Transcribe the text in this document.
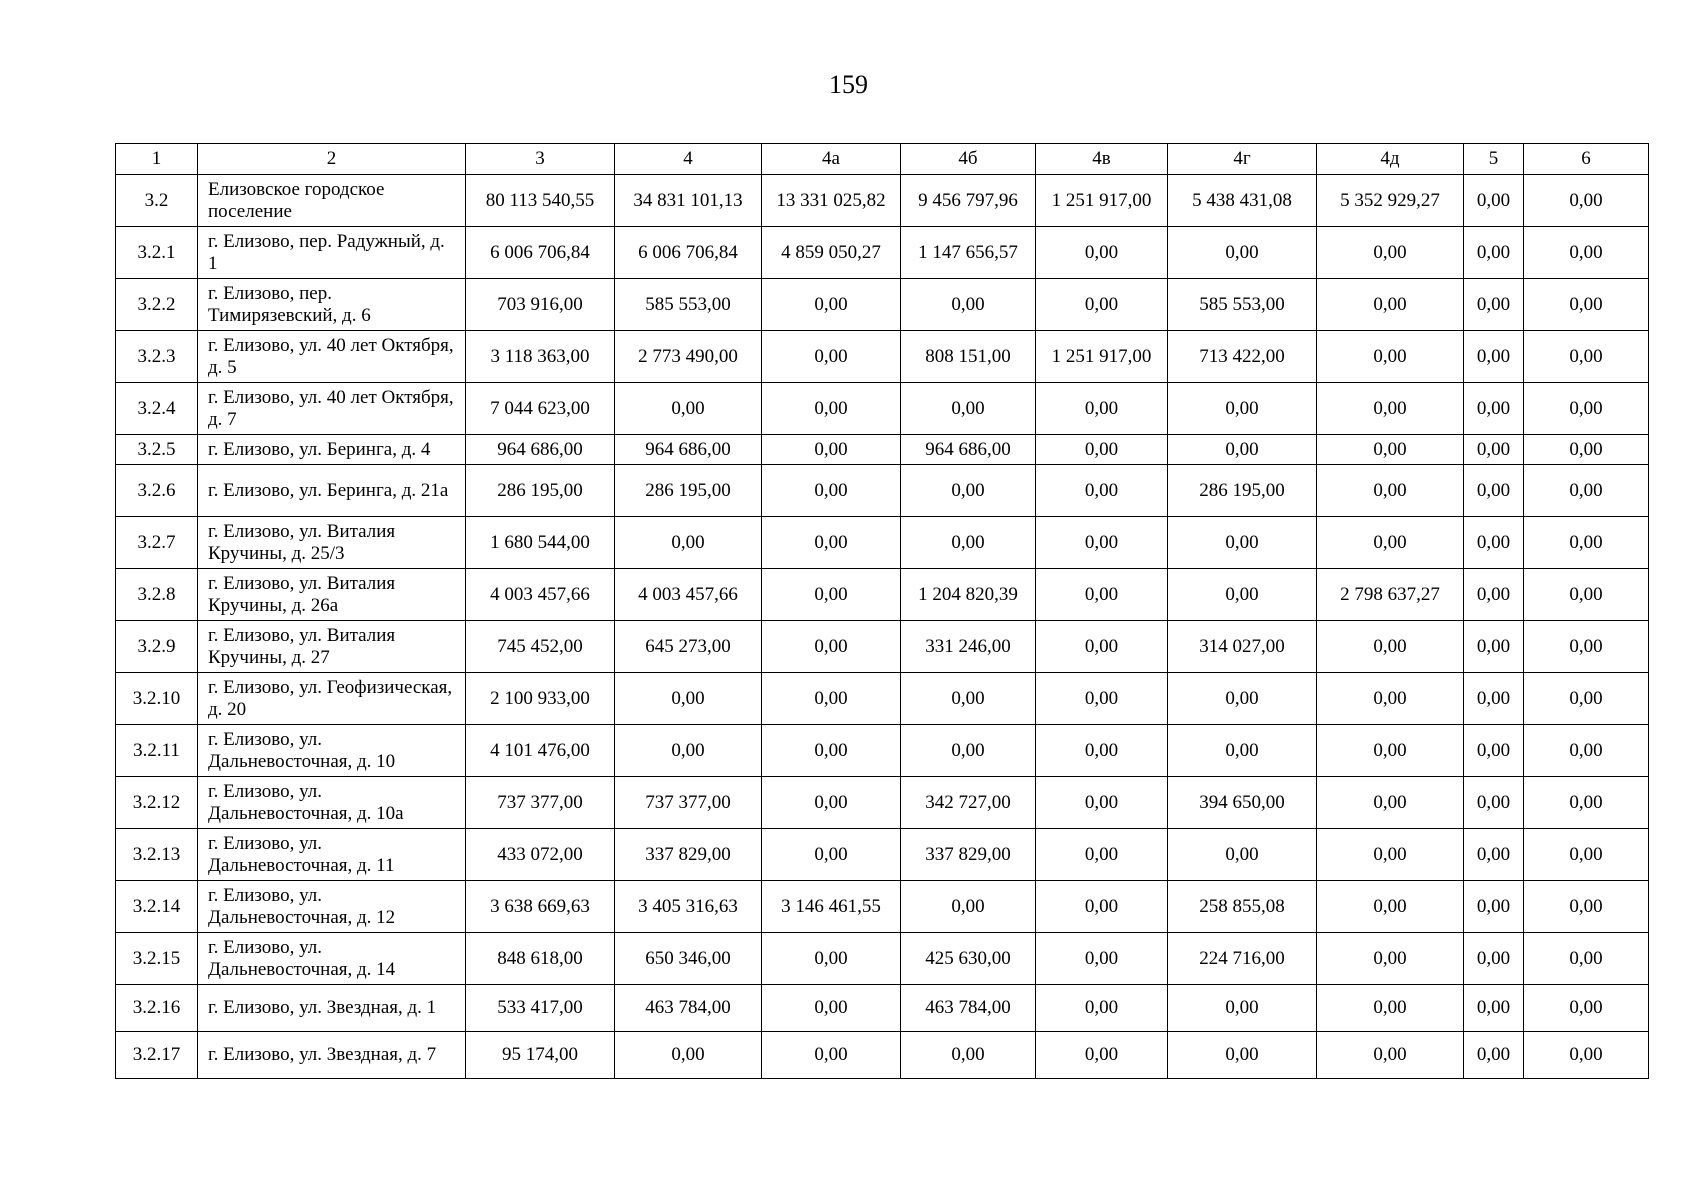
159
1	2	3	4	4а	4б	4в	4г	4д	5	6
3.2	Елизовское городское поселение	80 113 540,55	34 831 101,13	13 331 025,82	9 456 797,96	1 251 917,00	5 438 431,08	5 352 929,27	0,00	0,00
3.2.1	г. Елизово, пер. Радужный, д. 1	6 006 706,84	6 006 706,84	4 859 050,27	1 147 656,57	0,00	0,00	0,00	0,00	0,00
3.2.2	г. Елизово, пер. Тимирязевский, д. 6	703 916,00	585 553,00	0,00	0,00	0,00	585 553,00	0,00	0,00	0,00
3.2.3	г. Елизово, ул. 40 лет Октября, д. 5	3 118 363,00	2 773 490,00	0,00	808 151,00	1 251 917,00	713 422,00	0,00	0,00	0,00
3.2.4	г. Елизово, ул. 40 лет Октября, д. 7	7 044 623,00	0,00	0,00	0,00	0,00	0,00	0,00	0,00	0,00
3.2.5	г. Елизово, ул. Беринга, д. 4	964 686,00	964 686,00	0,00	964 686,00	0,00	0,00	0,00	0,00	0,00
3.2.6	г. Елизово, ул. Беринга, д. 21а	286 195,00	286 195,00	0,00	0,00	0,00	286 195,00	0,00	0,00	0,00
3.2.7	г. Елизово, ул. Виталия Кручины, д. 25/3	1 680 544,00	0,00	0,00	0,00	0,00	0,00	0,00	0,00	0,00
3.2.8	г. Елизово, ул. Виталия Кручины, д. 26а	4 003 457,66	4 003 457,66	0,00	1 204 820,39	0,00	0,00	2 798 637,27	0,00	0,00
3.2.9	г. Елизово, ул. Виталия Кручины, д. 27	745 452,00	645 273,00	0,00	331 246,00	0,00	314 027,00	0,00	0,00	0,00
3.2.10	г. Елизово, ул. Геофизическая, д. 20	2 100 933,00	0,00	0,00	0,00	0,00	0,00	0,00	0,00	0,00
3.2.11	г. Елизово, ул. Дальневосточная, д. 10	4 101 476,00	0,00	0,00	0,00	0,00	0,00	0,00	0,00	0,00
3.2.12	г. Елизово, ул. Дальневосточная, д. 10а	737 377,00	737 377,00	0,00	342 727,00	0,00	394 650,00	0,00	0,00	0,00
3.2.13	г. Елизово, ул. Дальневосточная, д. 11	433 072,00	337 829,00	0,00	337 829,00	0,00	0,00	0,00	0,00	0,00
3.2.14	г. Елизово, ул. Дальневосточная, д. 12	3 638 669,63	3 405 316,63	3 146 461,55	0,00	0,00	258 855,08	0,00	0,00	0,00
3.2.15	г. Елизово, ул. Дальневосточная, д. 14	848 618,00	650 346,00	0,00	425 630,00	0,00	224 716,00	0,00	0,00	0,00
3.2.16	г. Елизово, ул. Звездная, д. 1	533 417,00	463 784,00	0,00	463 784,00	0,00	0,00	0,00	0,00	0,00
3.2.17	г. Елизово, ул. Звездная, д. 7	95 174,00	0,00	0,00	0,00	0,00	0,00	0,00	0,00	0,00
